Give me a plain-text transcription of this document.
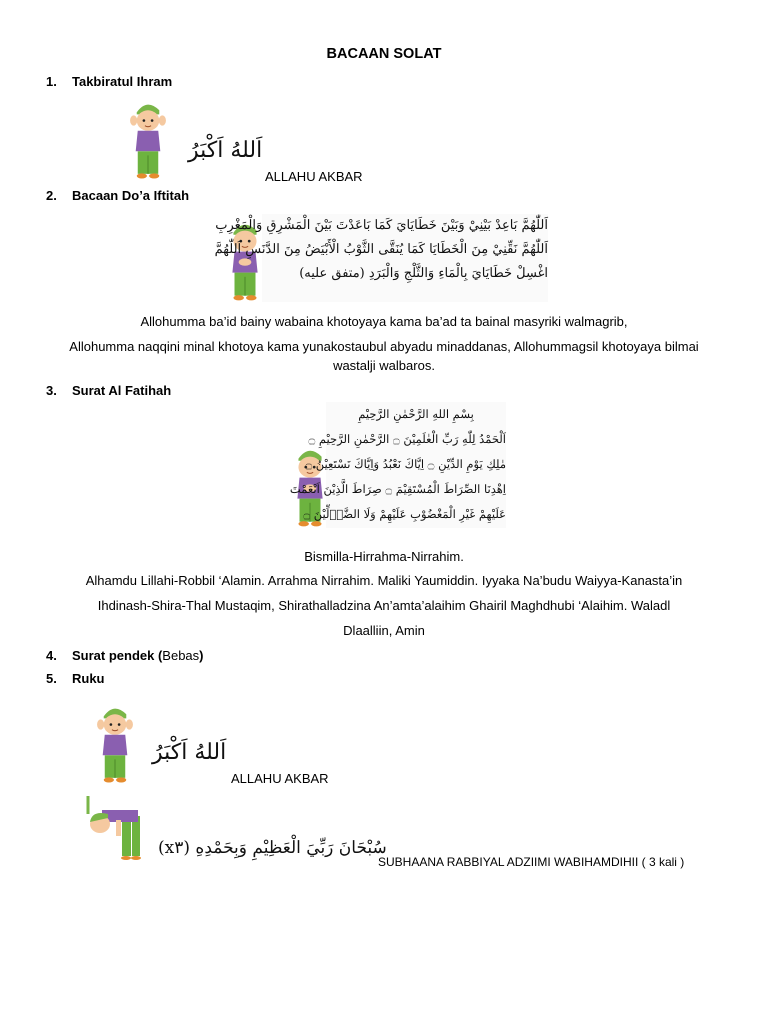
BACAAN SOLAT
1. Takbiratul Ihram
اَللهُ اَكْبَرُ
ALLAHU AKBAR
2. Bacaan Do’a Iftitah
اَللّٰهُمَّ بَاعِدْ بَيْنِيْ وَبَيْنَ خَطَايَايَ كَمَا بَاعَدْتَ بَيْنَ الْمَشْرِقِ وَالْمَغْرِبِ
اَللّٰهُمَّ نَقِّنِيْ مِنَ الْخَطَايَا كَمَا يُنَقَّى الثَّوْبُ الْأَبْيَضُ مِنَ الدَّنَسِ اَللّٰهُمَّ
اغْسِلْ خَطَايَايَ بِالْمَاءِ وَالثَّلْجِ وَالْبَرَدِ (متفق عليه)
Allohumma ba’id bainy wabaina khotoyaya kama ba’ad ta bainal masyriki walmagrib,
Allohumma naqqini minal khotoya kama yunakostaubul abyadu minaddanas, Allohummagsil khotoyaya bilmai
wastalji walbaros.
3. Surat Al Fatihah
بِسْمِ اللهِ الرَّحْمٰنِ الرَّحِيْمِ
اَلْحَمْدُ لِلّٰهِ رَبِّ الْعٰلَمِيْنَ ۝ الرَّحْمٰنِ الرَّحِيْمِ ۝
مٰلِكِ يَوْمِ الدِّيْنِ ۝ اِيَّاكَ نَعْبُدُ وَاِيَّاكَ نَسْتَعِيْنُ ۝
اِهْدِنَا الصِّرَاطَ الْمُسْتَقِيْمَ ۝ صِرَاطَ الَّذِيْنَ اَنْعَمْتَ
عَلَيْهِمْ غَيْرِ الْمَغْضُوْبِ عَلَيْهِمْ وَلَا الضَّاۤلِّيْنَ ۝
Bismilla-Hirrahma-Nirrahim.
Alhamdu Lillahi-Robbil ‘Alamin. Arrahma Nirrahim. Maliki Yaumiddin. Iyyaka Na’budu Waiyya-Kanasta’in
Ihdinash-Shira-Thal Mustaqim, Shirathalladzina An’amta’alaihim Ghairil Maghdhubi ‘Alaihim. Waladl
Dlaalliin, Amin
4. Surat pendek (Bebas)
5. Ruku
اَللهُ اَكْبَرُ
ALLAHU AKBAR
سُبْحَانَ رَبِّيَ الْعَظِيْمِ وَبِحَمْدِهِ (x٣)
SUBHAANA RABBIYAL ADZIIMI WABIHAMDIHII ( 3 kali )
